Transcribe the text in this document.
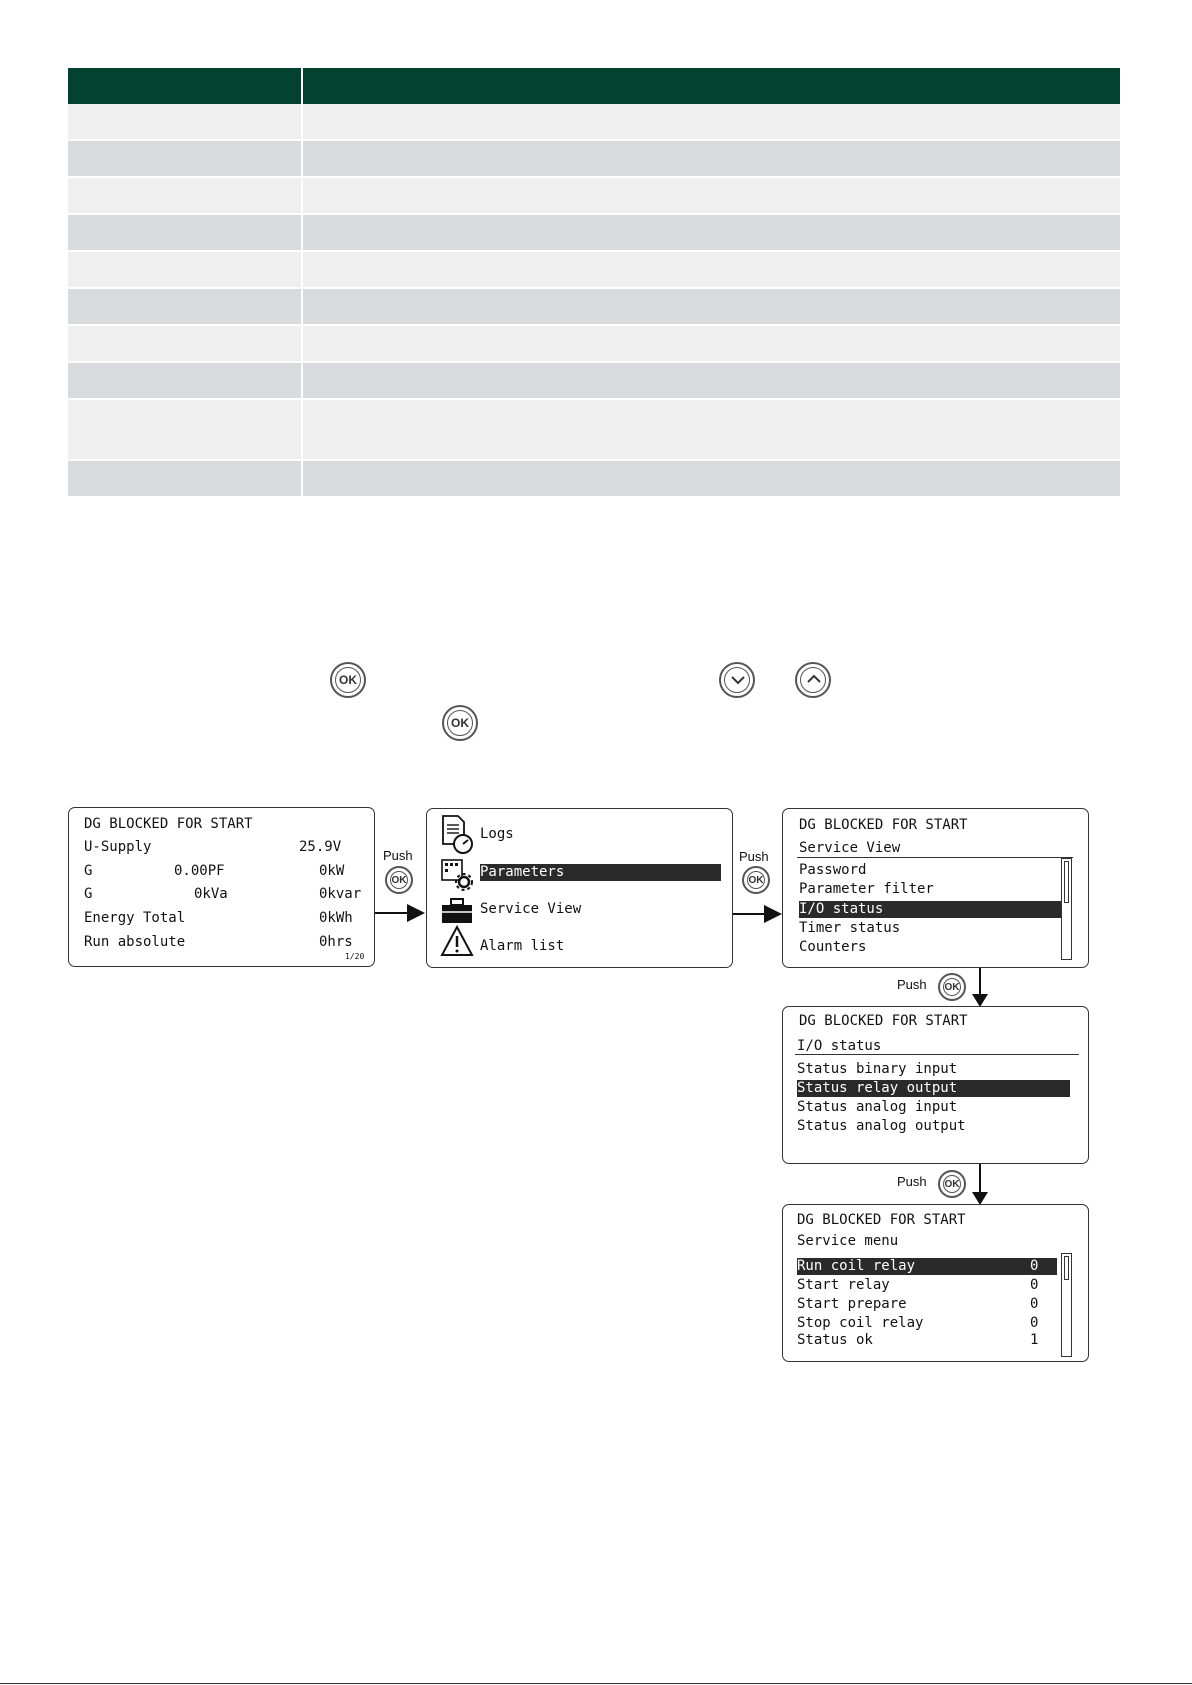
OK
OK
DG BLOCKED FOR START
U-Supply	25.9V
G	0.00PF	0kW
G	0kVa	0kvar
Energy Total	0kWh
Run absolute	0hrs
1/20
Push
OK
Logs
Parameters
Service View
Alarm list
Push
OK
DG BLOCKED FOR START
Service View
Password
Parameter filter
I/O status
Timer status
Counters
Push OK
DG BLOCKED FOR START
I/O status
Status binary input
Status relay output
Status analog input
Status analog output
Push OK
DG BLOCKED FOR START
Service menu
Run coil relay	0
Start relay	0
Start prepare	0
Stop coil relay	0
Status ok	1
